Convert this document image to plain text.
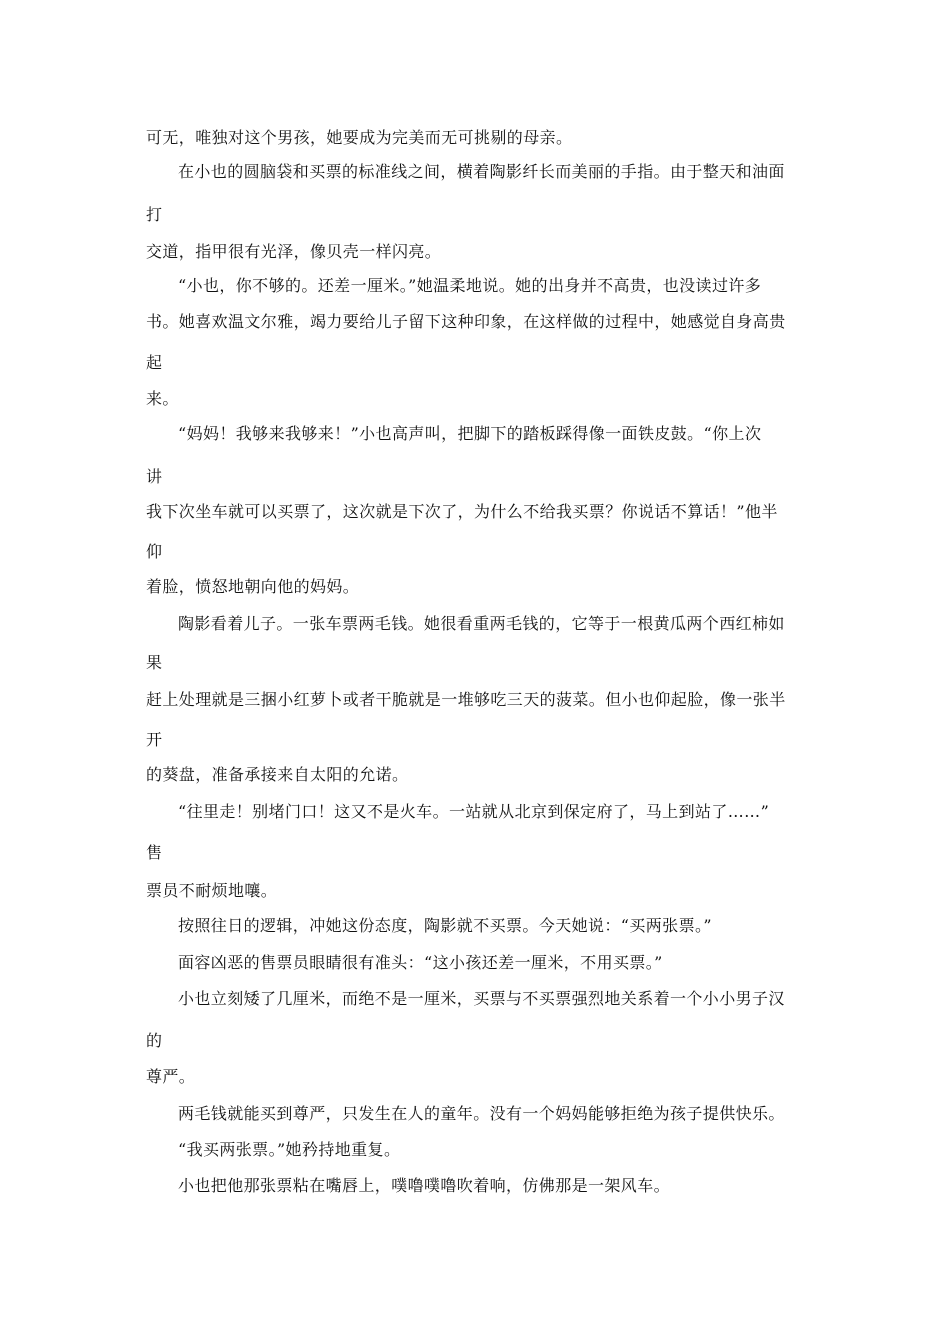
可无，唯独对这个男孩，她要成为完美而无可挑剔的母亲。
在小也的圆脑袋和买票的标准线之间，横着陶影纤长而美丽的手指。由于整天和油面
打
交道，指甲很有光泽，像贝壳一样闪亮。
“小也，你不够的。还差一厘米。”她温柔地说。她的出身并不高贵，也没读过许多
书。她喜欢温文尔雅，竭力要给儿子留下这种印象，在这样做的过程中，她感觉自身高贵
起
来。
“妈妈！我够来我够来！”小也高声叫，把脚下的踏板踩得像一面铁皮鼓。“你上次
讲
我下次坐车就可以买票了，这次就是下次了，为什么不给我买票？你说话不算话！”他半
仰
着脸，愤怒地朝向他的妈妈。
陶影看着儿子。一张车票两毛钱。她很看重两毛钱的，它等于一根黄瓜两个西红柿如
果
赶上处理就是三捆小红萝卜或者干脆就是一堆够吃三天的菠菜。但小也仰起脸，像一张半
开
的葵盘，准备承接来自太阳的允诺。
“往里走！别堵门口！这又不是火车。一站就从北京到保定府了，马上到站了……”
售
票员不耐烦地嚷。
按照往日的逻辑，冲她这份态度，陶影就不买票。今天她说：“买两张票。”
面容凶恶的售票员眼睛很有准头：“这小孩还差一厘米，不用买票。”
小也立刻矮了几厘米，而绝不是一厘米，买票与不买票强烈地关系着一个小小男子汉
的
尊严。
两毛钱就能买到尊严，只发生在人的童年。没有一个妈妈能够拒绝为孩子提供快乐。
“我买两张票。”她矜持地重复。
小也把他那张票粘在嘴唇上，噗噜噗噜吹着响，仿佛那是一架风车。
